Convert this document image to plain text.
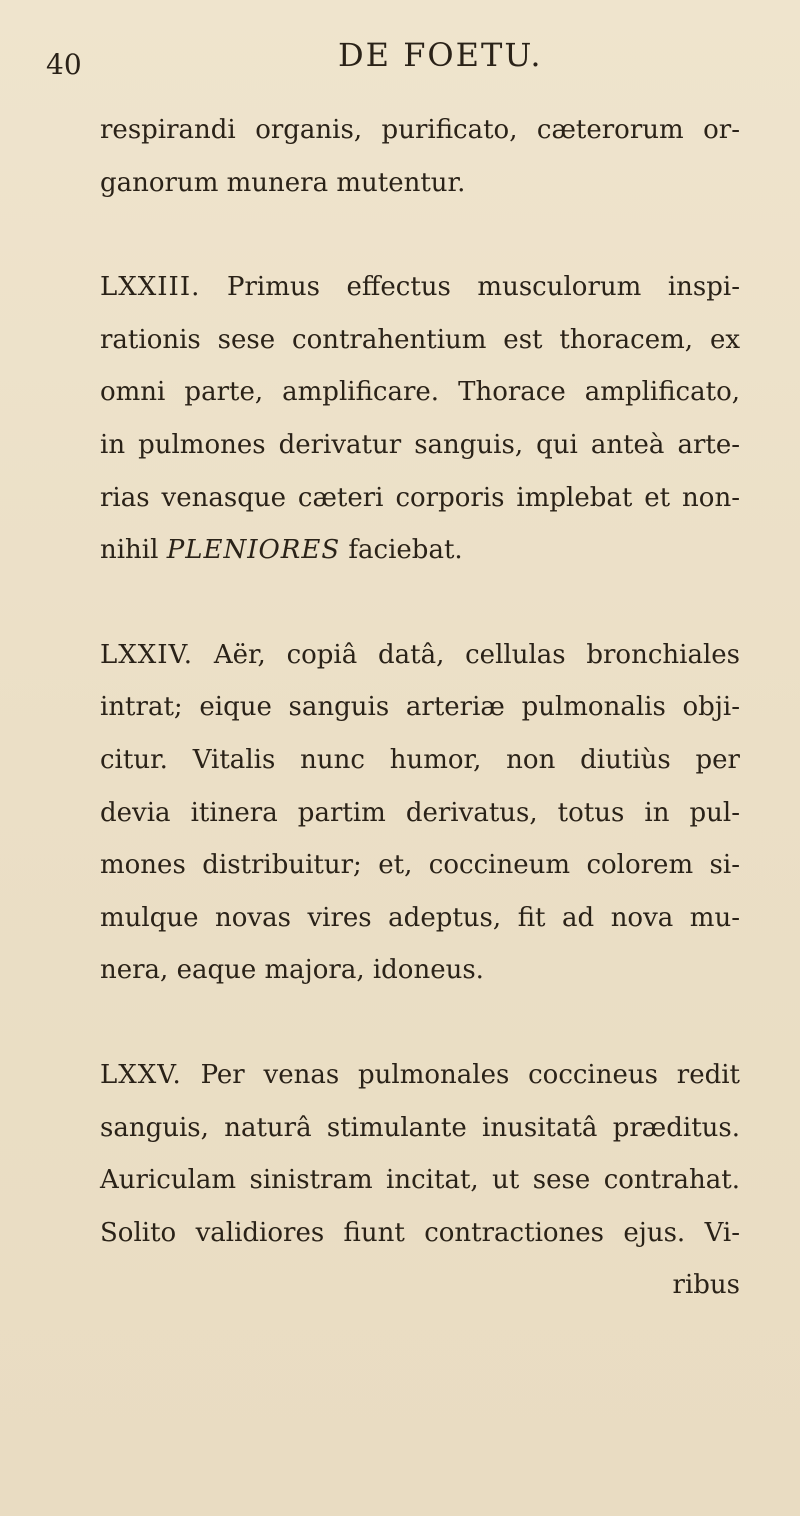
40	DE FOETU.
respirandi organis, purificato, cæterorum or-
ganorum munera mutentur.
LXXIII. Primus effectus musculorum inspi-
rationis sese contrahentium est thoracem, ex
omni parte, amplificare. Thorace amplificato,
in pulmones derivatur sanguis, qui anteà arte-
rias venasque cæteri corporis implebat et non-
nihil PLENIORES faciebat.
LXXIV. Aër, copiâ datâ, cellulas bronchiales
intrat; eique sanguis arteriæ pulmonalis obji-
citur. Vitalis nunc humor, non diutiùs per
devia itinera partim derivatus, totus in pul-
mones distribuitur; et, coccineum colorem si-
mulque novas vires adeptus, fit ad nova mu-
nera, eaque majora, idoneus.
LXXV. Per venas pulmonales coccineus redit
sanguis, naturâ stimulante inusitatâ præditus.
Auriculam sinistram incitat, ut sese contrahat.
Solito validiores fiunt contractiones ejus. Vi-
ribus
